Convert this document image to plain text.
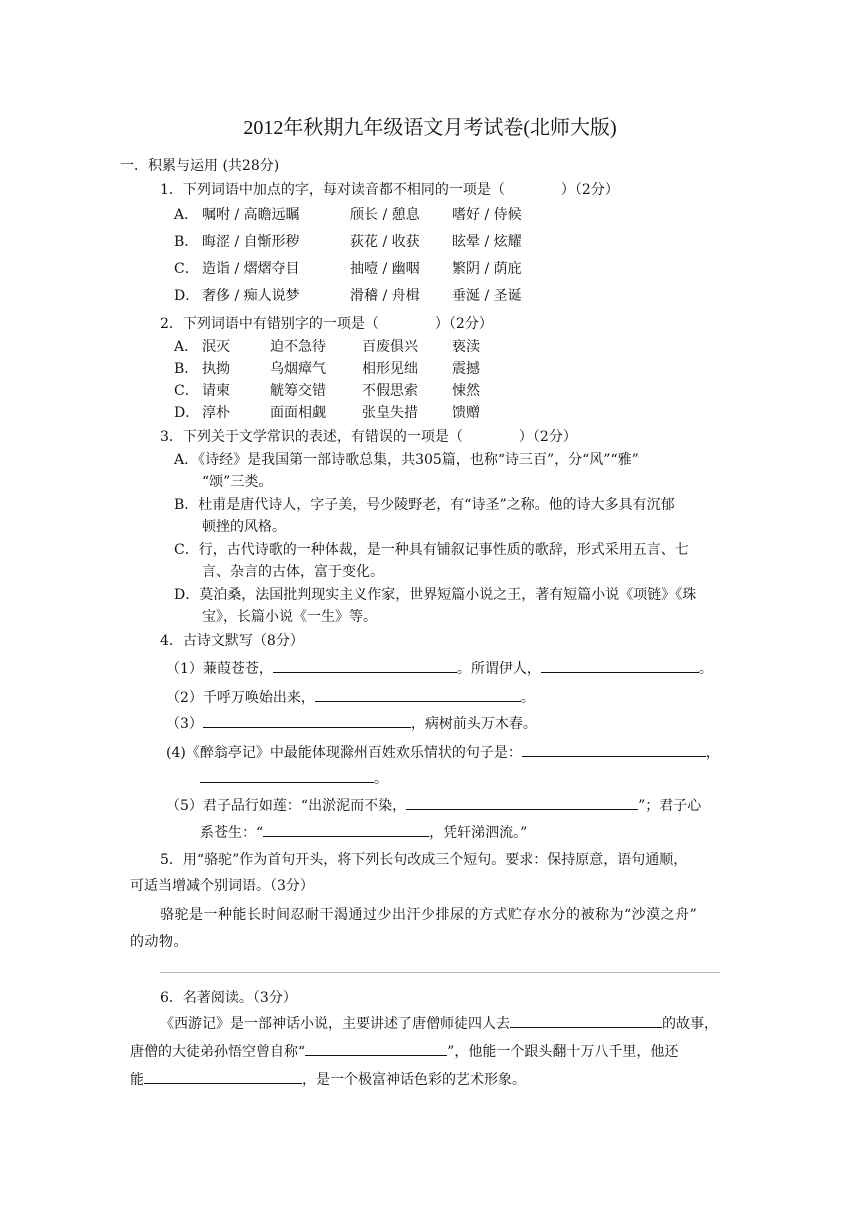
2012年秋期九年级语文月考试卷(北师大版)
一．积累与运用 (共28分)
1．下列词语中加点的字，每对读音都不相同的一项是（　　　　）（2分）
A． 嘱咐 / 高瞻远瞩	颀长 / 憩息 嗜好 / 侍候
B． 晦涩 / 自惭形秽	荻花 / 收获 眩晕 / 炫耀
C． 造诣 / 熠熠夺目	抽噎 / 幽咽 繁阴 / 荫庇
D． 奢侈 / 痴人说梦	滑稽 / 舟楫 垂涎 / 圣诞
2．下列词语中有错别字的一项是（　　　　）（2分）
A． 泯灭	迫不急待	百废俱兴 亵渎
B． 执拗	乌烟瘴气	相形见绌 震撼
C． 请柬	觥筹交错	不假思索 悚然
D． 淳朴	面面相觑	张皇失措 馈赠
3．下列关于文学常识的表述，有错误的一项是（　　　　）（2分）
A．《诗经》是我国第一部诗歌总集，共305篇，也称“诗三百”，分“风”“雅”
“颂”三类。
B．杜甫是唐代诗人，字子美，号少陵野老，有“诗圣”之称。他的诗大多具有沉郁
顿挫的风格。
C．行，古代诗歌的一种体裁，是一种具有铺叙记事性质的歌辞，形式采用五言、七
言、杂言的古体，富于变化。
D．莫泊桑，法国批判现实主义作家，世界短篇小说之王，著有短篇小说《项链》《珠
宝》，长篇小说《一生》等。
4．古诗文默写（8分）
（1）蒹葭苍苍，	。所谓伊人，	。
（2）千呼万唤始出来，	。
（3）	，病树前头万木春。
(4)《醉翁亭记》中最能体现滁州百姓欢乐情状的句子是：	，
。
（5）君子品行如莲：“出淤泥而不染，	”；君子心
系苍生：“	，凭轩涕泗流。”
5．用“骆驼”作为首句开头，将下列长句改成三个短句。要求：保持原意，语句通顺，
可适当增减个别词语。（3分）
骆驼是一种能长时间忍耐干渴通过少出汗少排尿的方式贮存水分的被称为“沙漠之舟”
的动物。
6．名著阅读。（3分）
《西游记》是一部神话小说，主要讲述了唐僧师徒四人去	的故事，
唐僧的大徒弟孙悟空曾自称“	”，他能一个跟头翻十万八千里，他还
能	，是一个极富神话色彩的艺术形象。
